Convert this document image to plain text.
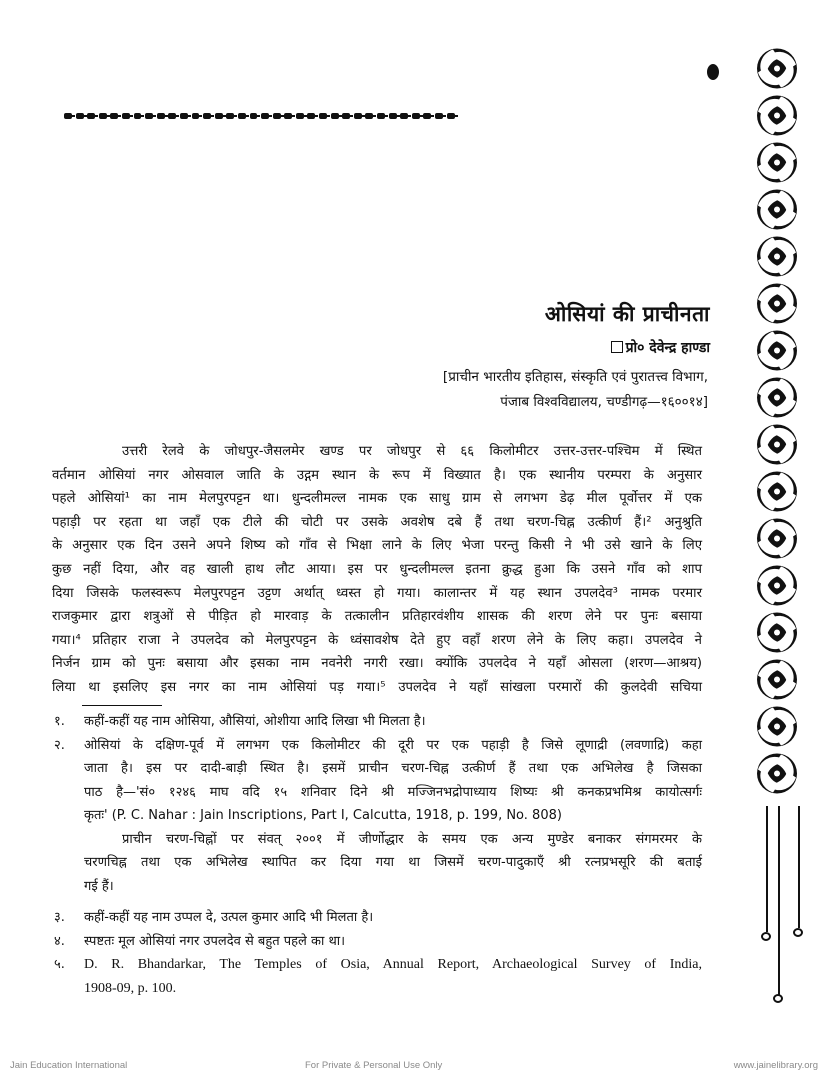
ओसियां की प्राचीनता
प्रो० देवेन्द्र हाण्डा
[प्राचीन भारतीय इतिहास, संस्कृति एवं पुरातत्त्व विभाग,
पंजाब विश्वविद्यालय, चण्डीगढ़—१६००१४]
उत्तरी रेलवे के जोधपुर-जैसलमेर खण्ड पर जोधपुर से ६६ किलोमीटर उत्तर-उत्तर-पश्चिम में स्थित
वर्तमान ओसियां नगर ओसवाल जाति के उद्गम स्थान के रूप में विख्यात है। एक स्थानीय परम्परा के अनुसार
पहले ओसियां¹ का नाम मेलपुरपट्टन था। धुन्दलीमल्ल नामक एक साधु ग्राम से लगभग डेढ़ मील पूर्वोत्तर में एक
पहाड़ी पर रहता था जहाँ एक टीले की चोटी पर उसके अवशेष दबे हैं तथा चरण-चिह्न उत्कीर्ण हैं।² अनुश्रुति
के अनुसार एक दिन उसने अपने शिष्य को गाँव से भिक्षा लाने के लिए भेजा परन्तु किसी ने भी उसे खाने के लिए
कुछ नहीं दिया, और वह खाली हाथ लौट आया। इस पर धुन्दलीमल्ल इतना क्रुद्ध हुआ कि उसने गाँव को शाप
दिया जिसके फलस्वरूप मेलपुरपट्टन उट्टण अर्थात् ध्वस्त हो गया। कालान्तर में यह स्थान उपलदेव³ नामक परमार
राजकुमार द्वारा शत्रुओं से पीड़ित हो मारवाड़ के तत्कालीन प्रतिहारवंशीय शासक की शरण लेने पर पुनः बसाया
गया।⁴ प्रतिहार राजा ने उपलदेव को मेलपुरपट्टन के ध्वंसावशेष देते हुए वहाँ शरण लेने के लिए कहा। उपलदेव ने
निर्जन ग्राम को पुनः बसाया और इसका नाम नवनेरी नगरी रखा। क्योंकि उपलदेव ने यहाँ ओसला (शरण—आश्रय)
लिया था इसलिए इस नगर का नाम ओसियां पड़ गया।⁵ उपलदेव ने यहाँ सांखला परमारों की कुलदेवी सचिया
१. कहीं-कहीं यह नाम ओसिया, औसियां, ओशीया आदि लिखा भी मिलता है।
२. ओसियां के दक्षिण-पूर्व में लगभग एक किलोमीटर की दूरी पर एक पहाड़ी है जिसे लूणाद्री (लवणाद्रि) कहा
जाता है। इस पर दादी-बाड़ी स्थित है। इसमें प्राचीन चरण-चिह्न उत्कीर्ण हैं तथा एक अभिलेख है जिसका
पाठ है—'सं० १२४६ माघ वदि १५ शनिवार दिने श्री मज्जिनभद्रोपाध्याय शिष्यः श्री कनकप्रभमिश्र कायोत्सर्गः
कृतः' (P. C. Nahar : Jain Inscriptions, Part I, Calcutta, 1918, p. 199, No. 808)
प्राचीन चरण-चिह्नों पर संवत् २००१ में जीर्णोद्धार के समय एक अन्य मुण्डेर बनाकर संगमरमर के
चरणचिह्न तथा एक अभिलेख स्थापित कर दिया गया था जिसमें चरण-पादुकाएँ श्री रत्नप्रभसूरि की बताई
गई हैं।
३. कहीं-कहीं यह नाम उप्पल दे, उत्पल कुमार आदि भी मिलता है।
४. स्पष्टतः मूल ओसियां नगर उपलदेव से बहुत पहले का था।
५. D. R. Bhandarkar, The Temples of Osia, Annual Report, Archaeological Survey of India,
1908-09, p. 100.
Jain Education International	For Private & Personal Use Only	www.jainelibrary.org
